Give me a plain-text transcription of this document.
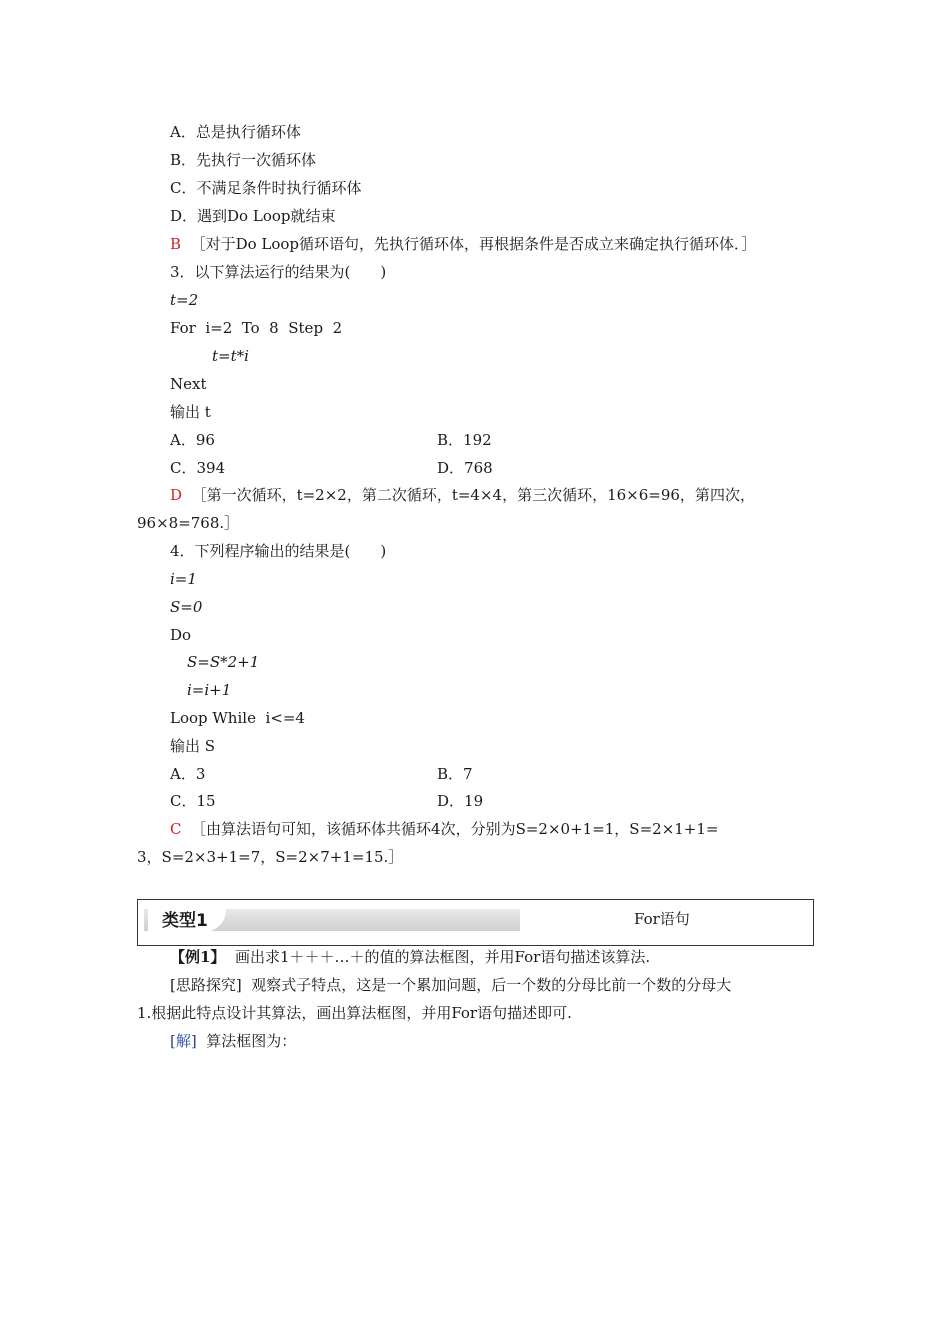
A．总是执行循环体
B．先执行一次循环体
C．不满足条件时执行循环体
D．遇到Do Loop就结束
B ［对于Do Loop循环语句，先执行循环体，再根据条件是否成立来确定执行循环体．］
3．以下算法运行的结果为(　　)
t=2
For  i=2  To  8  Step  2
t=t*i
Next
输出 t
A．96	B．192
C．394	D．768
D ［第一次循环，t=2×2，第二次循环，t=4×4，第三次循环，16×6=96，第四次，
96×8=768.］
4．下列程序输出的结果是(　　)
i=1
S=0
Do
S=S*2+1
i=i+1
Loop While  i<=4
输出 S
A．3	B．7
C．15	D．19
C ［由算法语句可知，该循环体共循环4次，分别为S=2×0+1=1，S=2×1+1=
3，S=2×3+1=7，S=2×7+1=15.］
类型1	For语句
【例1】 画出求1＋＋＋…＋的值的算法框图，并用For语句描述该算法.
[思路探究] 观察式子特点，这是一个累加问题，后一个数的分母比前一个数的分母大
1.根据此特点设计其算法，画出算法框图，并用For语句描述即可.
[解] 算法框图为：
